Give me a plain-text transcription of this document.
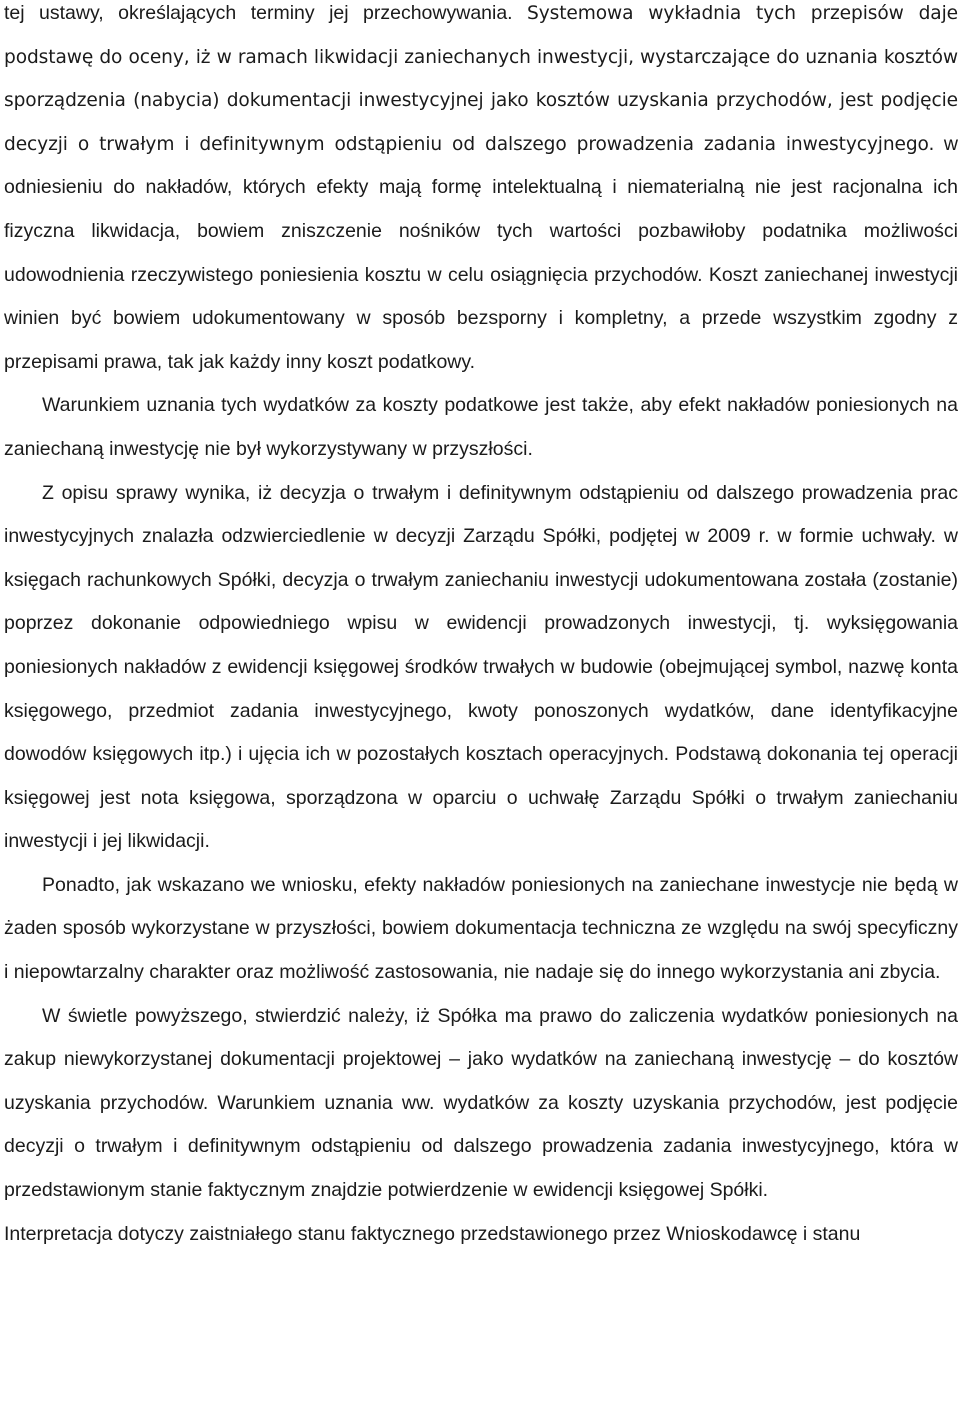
tej ustawy, określających terminy jej przechowywania. Systemowa wykładnia tych przepisów daje podstawę do oceny, iż w ramach likwidacji zaniechanych inwestycji, wystarczające do uznania kosztów sporządzenia (nabycia) dokumentacji inwestycyjnej jako kosztów uzyskania przychodów, jest podjęcie decyzji o trwałym i definitywnym odstąpieniu od dalszego prowadzenia zadania inwestycyjnego. w odniesieniu do nakładów, których efekty mają formę intelektualną i niematerialną nie jest racjonalna ich fizyczna likwidacja, bowiem zniszczenie nośników tych wartości pozbawiłoby podatnika możliwości udowodnienia rzeczywistego poniesienia kosztu w celu osiągnięcia przychodów. Koszt zaniechanej inwestycji winien być bowiem udokumentowany w sposób bezsporny i kompletny, a przede wszystkim zgodny z przepisami prawa, tak jak każdy inny koszt podatkowy.

Warunkiem uznania tych wydatków za koszty podatkowe jest także, aby efekt nakładów poniesionych na zaniechaną inwestycję nie był wykorzystywany w przyszłości.

Z opisu sprawy wynika, iż decyzja o trwałym i definitywnym odstąpieniu od dalszego prowadzenia prac inwestycyjnych znalazła odzwierciedlenie w decyzji Zarządu Spółki, podjętej w 2009 r. w formie uchwały. w księgach rachunkowych Spółki, decyzja o trwałym zaniechaniu inwestycji udokumentowana została (zostanie) poprzez dokonanie odpowiedniego wpisu w ewidencji prowadzonych inwestycji, tj. wyksięgowania poniesionych nakładów z ewidencji księgowej środków trwałych w budowie (obejmującej symbol, nazwę konta księgowego, przedmiot zadania inwestycyjnego, kwoty ponoszonych wydatków, dane identyfikacyjne dowodów księgowych itp.) i ujęcia ich w pozostałych kosztach operacyjnych. Podstawą dokonania tej operacji księgowej jest nota księgowa, sporządzona w oparciu o uchwałę Zarządu Spółki o trwałym zaniechaniu inwestycji i jej likwidacji.

Ponadto, jak wskazano we wniosku, efekty nakładów poniesionych na zaniechane inwestycje nie będą w żaden sposób wykorzystane w przyszłości, bowiem dokumentacja techniczna ze względu na swój specyficzny i niepowtarzalny charakter oraz możliwość zastosowania, nie nadaje się do innego wykorzystania ani zbycia.

W świetle powyższego, stwierdzić należy, iż Spółka ma prawo do zaliczenia wydatków poniesionych na zakup niewykorzystanej dokumentacji projektowej – jako wydatków na zaniechaną inwestycję – do kosztów uzyskania przychodów. Warunkiem uznania ww. wydatków za koszty uzyskania przychodów, jest podjęcie decyzji o trwałym i definitywnym odstąpieniu od dalszego prowadzenia zadania inwestycyjnego, która w przedstawionym stanie faktycznym znajdzie potwierdzenie w ewidencji księgowej Spółki.

Interpretacja dotyczy zaistniałego stanu faktycznego przedstawionego przez Wnioskodawcę i stanu
